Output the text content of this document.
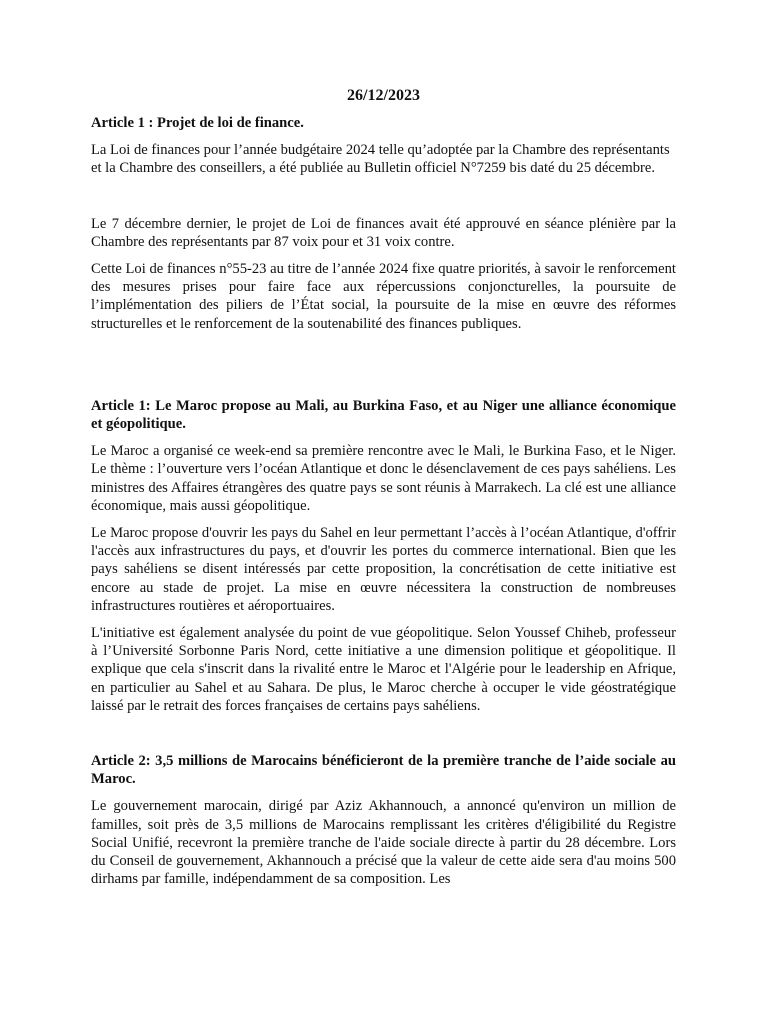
26/12/2023
Article 1 : Projet de loi de finance.
La Loi de finances pour l’année budgétaire 2024 telle qu’adoptée par la Chambre des représentants et la Chambre des conseillers, a été publiée au Bulletin officiel N°7259 bis daté du 25 décembre.
Le 7 décembre dernier, le projet de Loi de finances avait été approuvé en séance plénière par la Chambre des représentants par 87 voix pour et 31 voix contre.
Cette Loi de finances n°55-23 au titre de l’année 2024 fixe quatre priorités, à savoir le renforcement des mesures prises pour faire face aux répercussions conjoncturelles, la poursuite de l’implémentation des piliers de l’État social, la poursuite de la mise en œuvre des réformes structurelles et le renforcement de la soutenabilité des finances publiques.
Article 1: Le Maroc propose au Mali, au Burkina Faso, et au Niger une alliance économique et géopolitique.
Le Maroc a organisé ce week-end sa première rencontre avec le Mali, le Burkina Faso, et le Niger. Le thème : l’ouverture vers l’océan Atlantique et donc le désenclavement de ces pays sahéliens. Les ministres des Affaires étrangères des quatre pays se sont réunis à Marrakech. La clé est une alliance économique, mais aussi géopolitique.
Le Maroc propose d'ouvrir les pays du Sahel en leur permettant l’accès à l’océan Atlantique, d'offrir l'accès aux infrastructures du pays, et d'ouvrir les portes du commerce international. Bien que les pays sahéliens se disent intéressés par cette proposition, la concrétisation de cette initiative est encore au stade de projet. La mise en œuvre nécessitera la construction de nombreuses infrastructures routières et aéroportuaires.
L'initiative est également analysée du point de vue géopolitique. Selon Youssef Chiheb, professeur à l’Université Sorbonne Paris Nord, cette initiative a une dimension politique et géopolitique. Il explique que cela s'inscrit dans la rivalité entre le Maroc et l'Algérie pour le leadership en Afrique, en particulier au Sahel et au Sahara. De plus, le Maroc cherche à occuper le vide géostratégique laissé par le retrait des forces françaises de certains pays sahéliens.
Article 2: 3,5 millions de Marocains bénéficieront de la première tranche de l’aide sociale au Maroc.
Le gouvernement marocain, dirigé par Aziz Akhannouch, a annoncé qu'environ un million de familles, soit près de 3,5 millions de Marocains remplissant les critères d'éligibilité du Registre Social Unifié, recevront la première tranche de l'aide sociale directe à partir du 28 décembre. Lors du Conseil de gouvernement, Akhannouch a précisé que la valeur de cette aide sera d'au moins 500 dirhams par famille, indépendamment de sa composition. Les
